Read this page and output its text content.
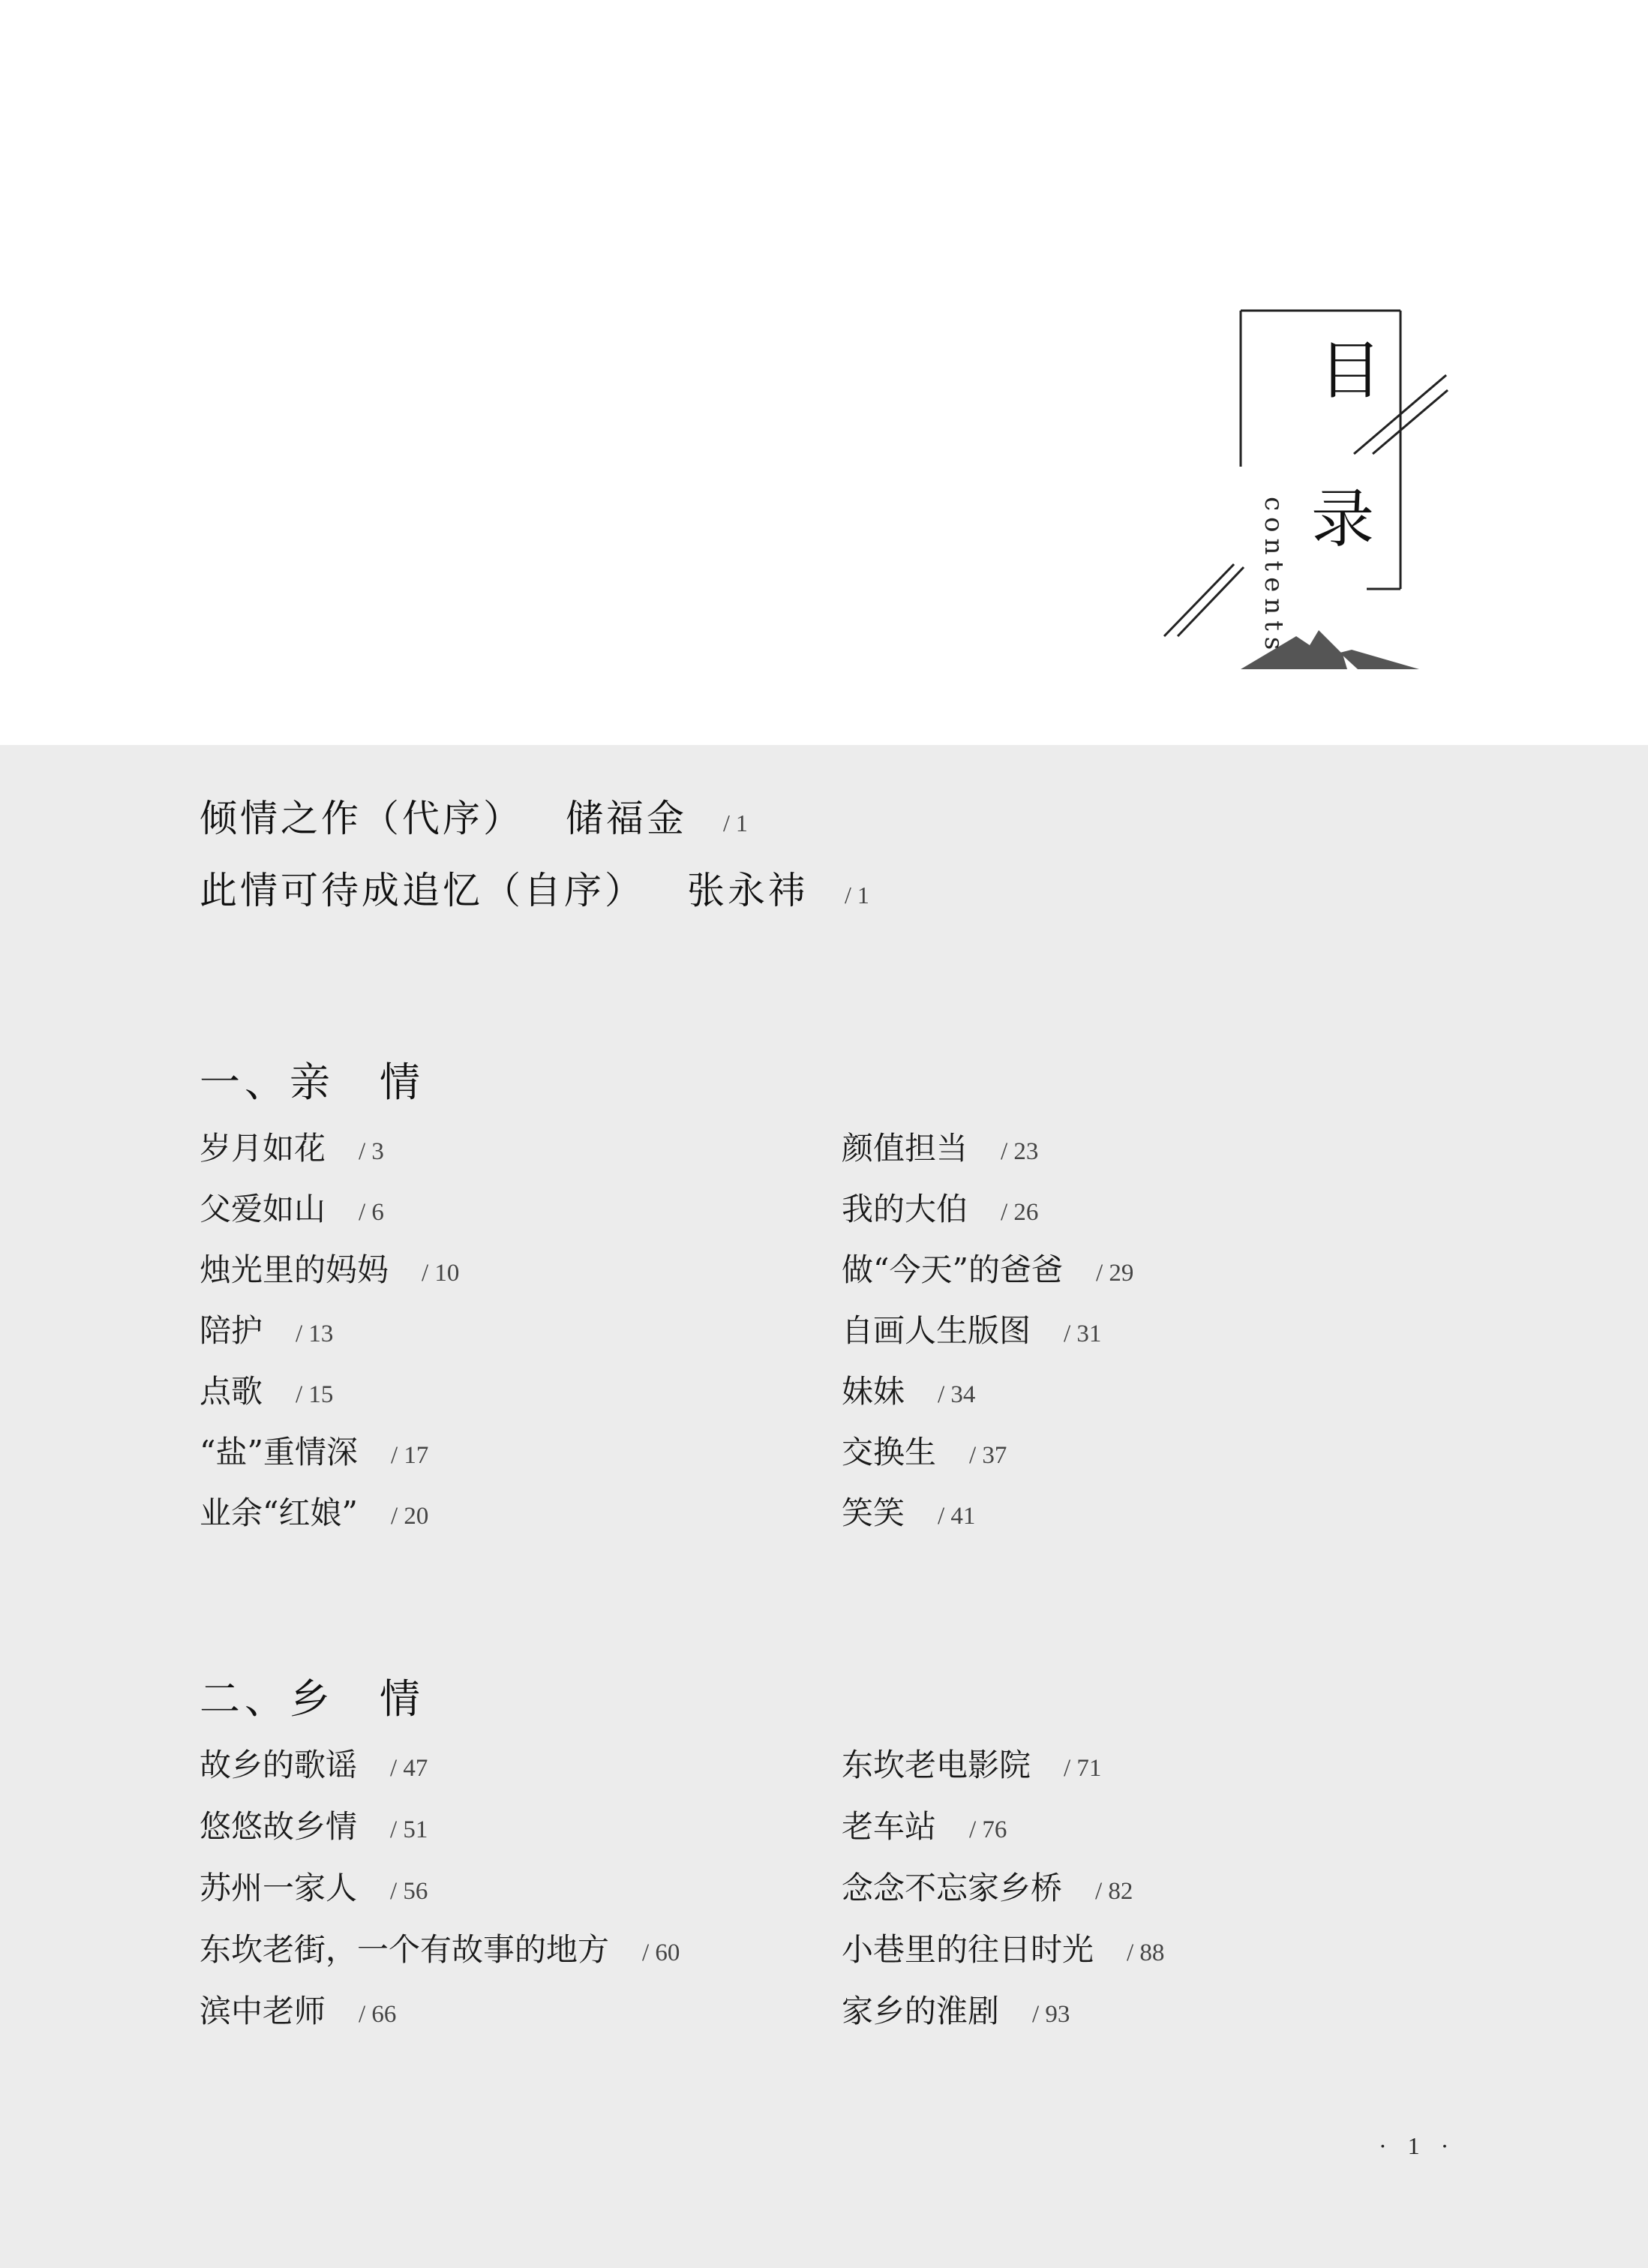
目
录
contents
倾情之作（代序） 储福金 / 1
此情可待成追忆（自序） 张永祎 / 1
一、亲　情
岁月如花 / 3
父爱如山 / 6
烛光里的妈妈 / 10
陪护 / 13
点歌 / 15
“盐”重情深 / 17
业余“红娘” / 20
颜值担当 / 23
我的大伯 / 26
做“今天”的爸爸 / 29
自画人生版图 / 31
妹妹 / 34
交换生 / 37
笑笑 / 41
二、乡　情
故乡的歌谣 / 47
悠悠故乡情 / 51
苏州一家人 / 56
东坎老街，一个有故事的地方 / 60
滨中老师 / 66
东坎老电影院 / 71
老车站 / 76
念念不忘家乡桥 / 82
小巷里的往日时光 / 88
家乡的淮剧 / 93
· 1 ·
